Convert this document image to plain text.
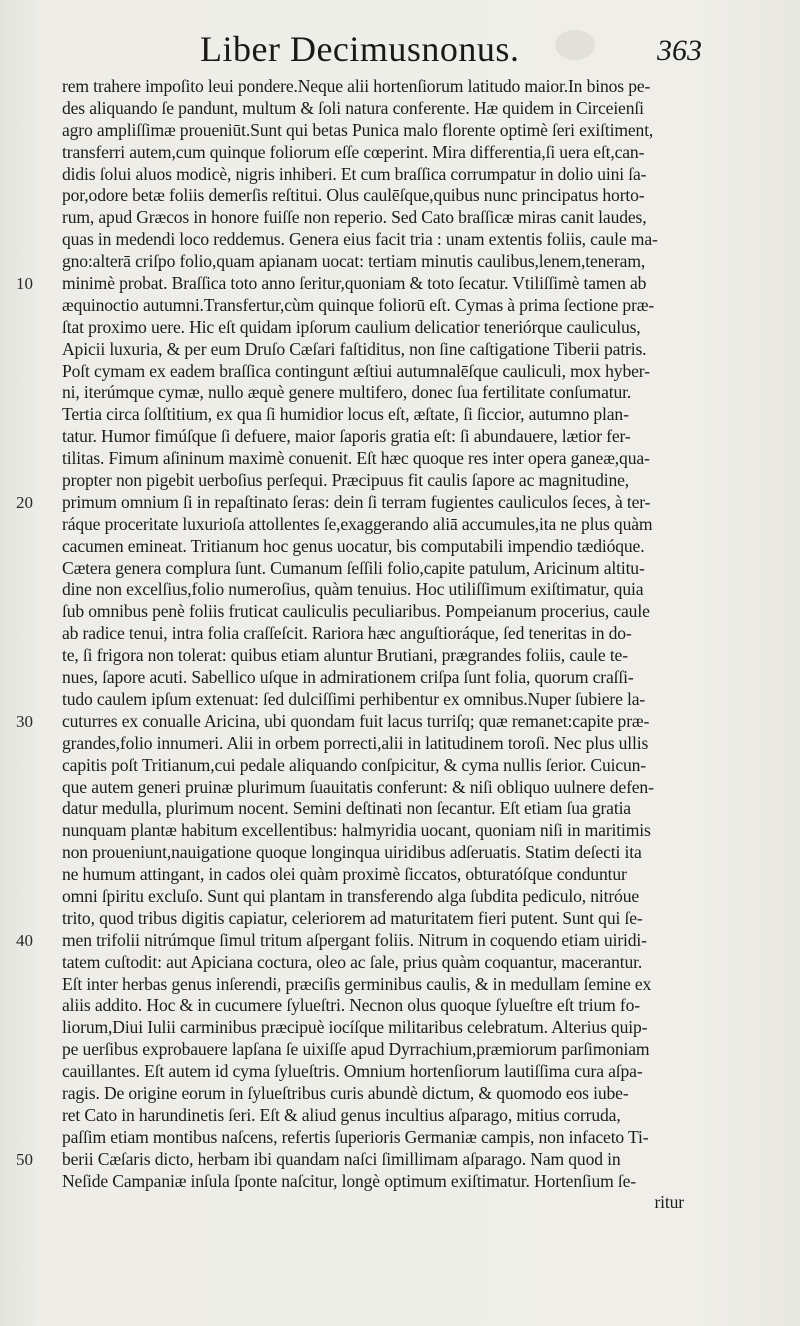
Liber Decimusnonus.	363
10
20
30
40
50
rem trahere impoſito leui pondere.Neque alii hortenſiorum latitudo maior.In binos pe-
des aliquando ſe pandunt, multum & ſoli natura conferente. Hæ quidem in Circeienſi
agro ampliſſimæ proueniūt.Sunt qui betas Punica malo florente optimè ſeri exiſtiment,
transferri autem,cum quinque foliorum eſſe cœperint. Mira differentia,ſi uera eſt,can-
didis ſolui aluos modicè, nigris inhiberi. Et cum braſſica corrumpatur in dolio uini ſa-
por,odore betæ foliis demerſis reſtitui. Olus caulēſque,quibus nunc principatus horto-
rum, apud Græcos in honore fuiſſe non reperio. Sed Cato braſſicæ miras canit laudes,
quas in medendi loco reddemus. Genera eius facit tria : unam extentis foliis, caule ma-
gno:alterā criſpo folio,quam apianam uocat: tertiam minutis caulibus,lenem,teneram,
minimè probat. Braſſica toto anno ſeritur,quoniam & toto ſecatur. Vtiliſſimè tamen ab
æquinoctio autumni.Transfertur,cùm quinque foliorū eſt. Cymas à prima ſectione præ-
ſtat proximo uere. Hic eſt quidam ipſorum caulium delicatior teneriórque cauliculus,
Apicii luxuria, & per eum Druſo Cæſari faſtiditus, non ſine caſtigatione Tiberii patris.
Poſt cymam ex eadem braſſica contingunt æſtiui autumnalēſque cauliculi, mox hyber-
ni, iterúmque cymæ, nullo æquè genere multifero, donec ſua fertilitate conſumatur.
Tertia circa ſolſtitium, ex qua ſi humidior locus eſt, æſtate, ſi ſiccior, autumno plan-
tatur. Humor fimúſque ſi defuere, maior ſaporis gratia eſt: ſi abundauere, lætior fer-
tilitas. Fimum aſininum maximè conuenit. Eſt hæc quoque res inter opera ganeæ,qua-
propter non pigebit uerboſius perſequi. Præcipuus fit caulis ſapore ac magnitudine,
primum omnium ſi in repaſtinato ſeras: dein ſi terram fugientes cauliculos ſeces, à ter-
ráque proceritate luxurioſa attollentes ſe,exaggerando aliā accumules,ita ne plus quàm
cacumen emineat. Tritianum hoc genus uocatur, bis computabili impendio tædióque.
Cætera genera complura ſunt. Cumanum ſeſſili folio,capite patulum, Aricinum altitu-
dine non excelſius,folio numeroſius, quàm tenuius. Hoc utiliſſimum exiſtimatur, quia
ſub omnibus penè foliis fruticat cauliculis peculiaribus. Pompeianum procerius, caule
ab radice tenui, intra folia craſſeſcit. Rariora hæc anguſtioráque, ſed teneritas in do-
te, ſi frigora non tolerat: quibus etiam aluntur Brutiani, prægrandes foliis, caule te-
nues, ſapore acuti. Sabellico uſque in admirationem criſpa ſunt folia, quorum craſſi-
tudo caulem ipſum extenuat: ſed dulciſſimi perhibentur ex omnibus.Nuper ſubiere la-
cuturres ex conualle Aricina, ubi quondam fuit lacus turriſq; quæ remanet:capite præ-
grandes,folio innumeri. Alii in orbem porrecti,alii in latitudinem toroſi. Nec plus ullis
capitis poſt Tritianum,cui pedale aliquando conſpicitur, & cyma nullis ſerior. Cuicun-
que autem generi pruinæ plurimum ſuauitatis conferunt: & niſi obliquo uulnere defen-
datur medulla, plurimum nocent. Semini deſtinati non ſecantur. Eſt etiam ſua gratia
nunquam plantæ habitum excellentibus: halmyridia uocant, quoniam niſi in maritimis
non proueniunt,nauigatione quoque longinqua uiridibus adſeruatis. Statim deſecti ita
ne humum attingant, in cados olei quàm proximè ſiccatos, obturatóſque conduntur
omni ſpiritu excluſo. Sunt qui plantam in transferendo alga ſubdita pediculo, nitróue
trito, quod tribus digitis capiatur, celeriorem ad maturitatem fieri putent. Sunt qui ſe-
men trifolii nitrúmque ſimul tritum aſpergant foliis. Nitrum in coquendo etiam uiridi-
tatem cuſtodit: aut Apiciana coctura, oleo ac ſale, prius quàm coquantur, macerantur.
Eſt inter herbas genus inſerendi, præciſis germinibus caulis, & in medullam ſemine ex
aliis addito. Hoc & in cucumere ſylueſtri. Necnon olus quoque ſylueſtre eſt trium fo-
liorum,Diui Iulii carminibus præcipuè iocíſque militaribus celebratum. Alterius quip-
pe uerſibus exprobauere lapſana ſe uixiſſe apud Dyrrachium,præmiorum parſimoniam
cauillantes. Eſt autem id cyma ſylueſtris. Omnium hortenſiorum lautiſſima cura aſpa-
ragis. De origine eorum in ſylueſtribus curis abundè dictum, & quomodo eos iube-
ret Cato in harundinetis ſeri. Eſt & aliud genus incultius aſparago, mitius corruda,
paſſim etiam montibus naſcens, refertis ſuperioris Germaniæ campis, non infaceto Ti-
berii Cæſaris dicto, herbam ibi quandam naſci ſimillimam aſparago. Nam quod in
Neſide Campaniæ inſula ſponte naſcitur, longè optimum exiſtimatur. Hortenſium ſe-
ritur
